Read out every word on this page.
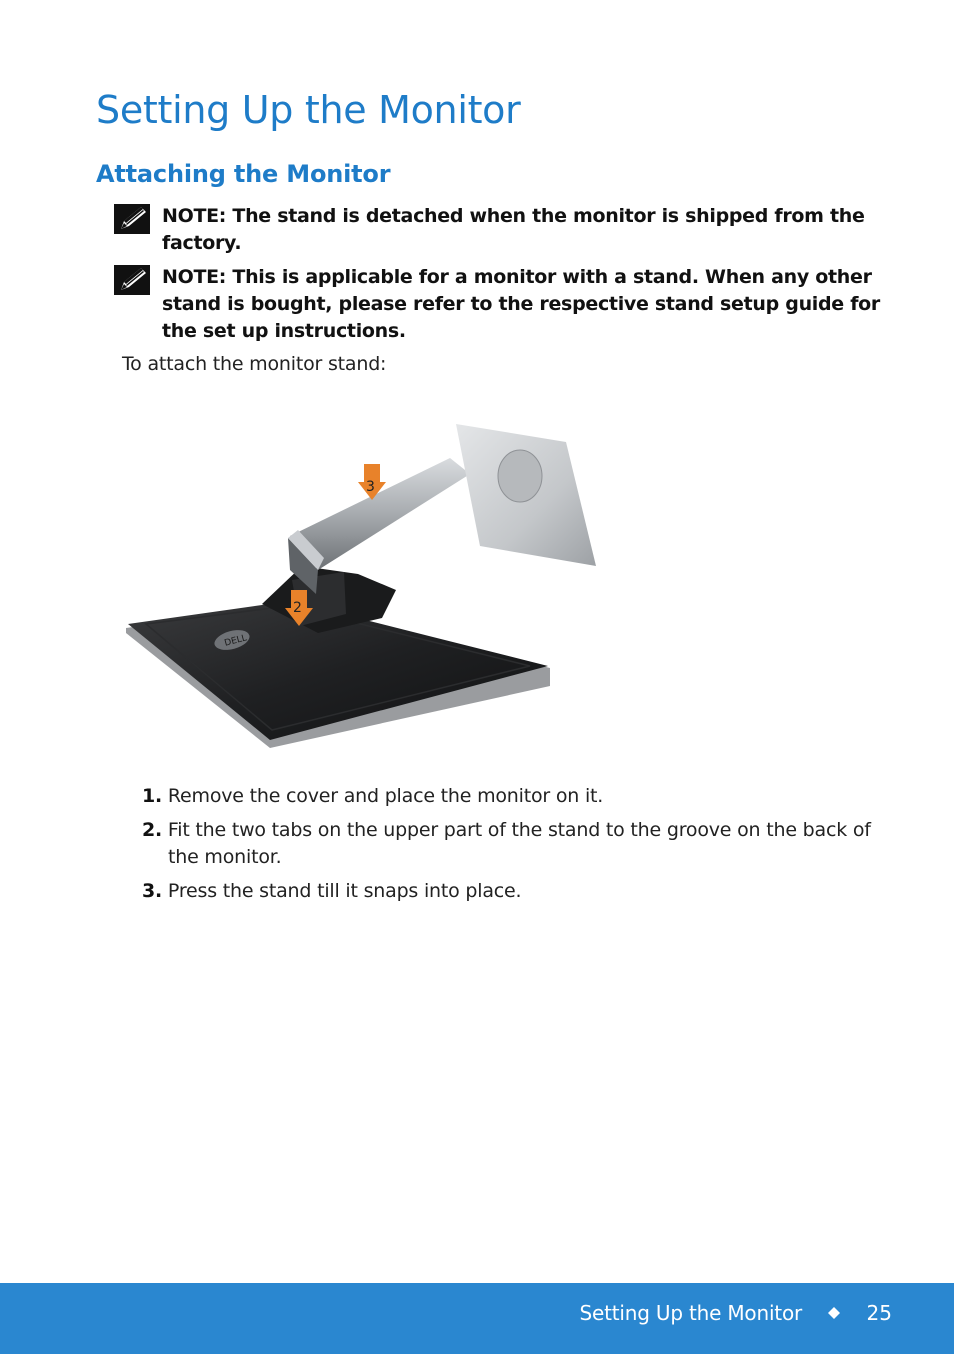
Setting Up the Monitor
Attaching the Monitor
NOTE: The stand is detached when the monitor is shipped from the factory.
NOTE: This is applicable for a monitor with a stand. When any other stand is bought, please refer to the respective stand setup guide for the set up instructions.
To attach the monitor stand:
DELL
3
2
1. Remove the cover and place the monitor on it.
2. Fit the two tabs on the upper part of the stand to the groove on the back of the monitor.
3. Press the stand till it snaps into place.
Setting Up the Monitor	25
